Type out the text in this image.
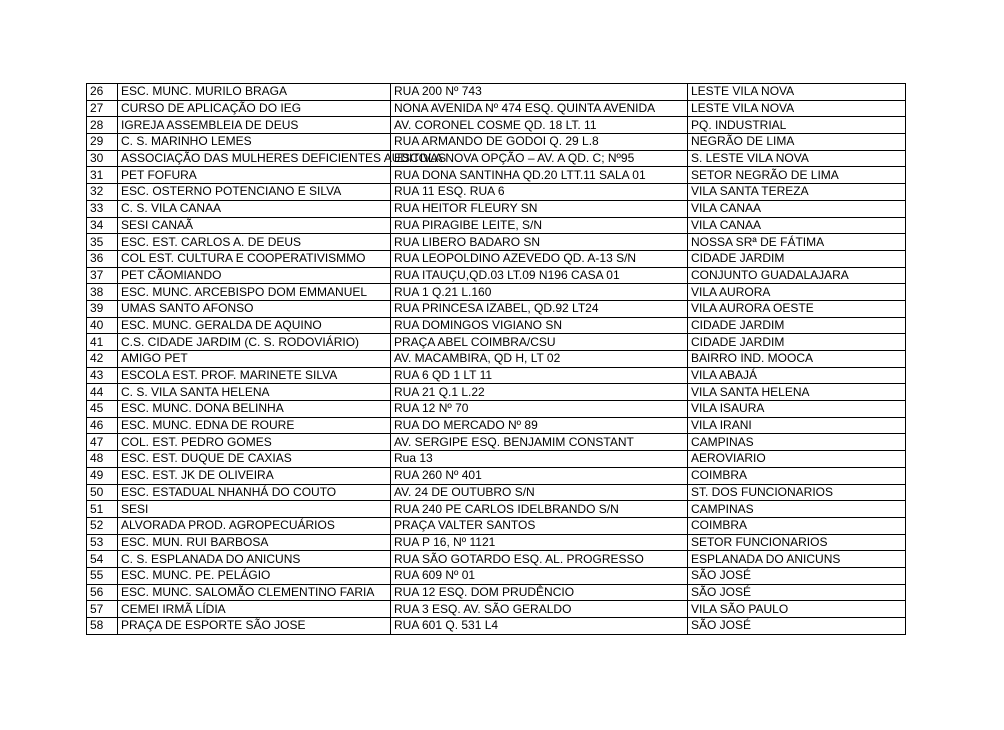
26	ESC. MUNC. MURILO BRAGA	RUA 200 Nº 743	LESTE VILA NOVA
27	CURSO DE APLICAÇÃO DO IEG	NONA AVENIDA Nº 474 ESQ. QUINTA AVENIDA	LESTE VILA NOVA
28	IGREJA ASSEMBLEIA DE DEUS	AV. CORONEL COSME QD. 18 LT. 11	PQ. INDUSTRIAL
29	C. S. MARINHO LEMES	RUA ARMANDO DE GODOI Q. 29 L.8	NEGRÃO DE LIMA
30	ASSOCIAÇÃO DAS MULHERES DEFICIENTES AUDITIVAS	ESCOLA NOVA OPÇÃO – AV. A QD. C; Nº95	S. LESTE VILA NOVA
31	PET FOFURA	RUA DONA SANTINHA QD.20 LTT.11 SALA 01	SETOR NEGRÃO DE LIMA
32	ESC. OSTERNO POTENCIANO E SILVA	RUA 11 ESQ. RUA 6	VILA SANTA TEREZA
33	C. S. VILA CANAA	RUA HEITOR FLEURY SN	VILA CANAA
34	SESI CANAÃ	RUA PIRAGIBE LEITE, S/N	VILA CANAA
35	ESC. EST. CARLOS A. DE DEUS	RUA LIBERO BADARO SN	NOSSA SRª DE FÁTIMA
36	COL EST. CULTURA E COOPERATIVISMMO	RUA LEOPOLDINO AZEVEDO QD. A-13 S/N	CIDADE JARDIM
37	PET CÃOMIANDO	RUA ITAUÇU,QD.03 LT.09 N196 CASA 01	CONJUNTO GUADALAJARA
38	ESC. MUNC. ARCEBISPO DOM EMMANUEL	RUA 1 Q.21 L.160	VILA AURORA
39	UMAS SANTO AFONSO	RUA PRINCESA IZABEL, QD.92 LT24	VILA AURORA OESTE
40	ESC. MUNC. GERALDA DE AQUINO	RUA DOMINGOS VIGIANO SN	CIDADE JARDIM
41	C.S. CIDADE JARDIM (C. S. RODOVIÁRIO)	PRAÇA ABEL COIMBRA/CSU	CIDADE JARDIM
42	AMIGO PET	AV. MACAMBIRA, QD H, LT 02	BAIRRO IND. MOOCA
43	ESCOLA EST. PROF. MARINETE SILVA	RUA 6 QD 1 LT 11	VILA ABAJÁ
44	C. S. VILA SANTA HELENA	RUA 21 Q.1 L.22	VILA SANTA HELENA
45	ESC. MUNC. DONA BELINHA	RUA 12 Nº 70	VILA ISAURA
46	ESC. MUNC. EDNA DE ROURE	RUA DO MERCADO Nº 89	VILA IRANI
47	COL. EST. PEDRO GOMES	AV. SERGIPE ESQ. BENJAMIM CONSTANT	CAMPINAS
48	ESC. EST. DUQUE DE CAXIAS	Rua 13	AEROVIARIO
49	ESC. EST. JK DE OLIVEIRA	RUA 260 Nº 401	COIMBRA
50	ESC. ESTADUAL NHANHÁ DO COUTO	AV. 24 DE OUTUBRO S/N	ST. DOS FUNCIONARIOS
51	SESI	RUA 240 PE CARLOS IDELBRANDO S/N	CAMPINAS
52	ALVORADA PROD. AGROPECUÁRIOS	PRAÇA VALTER SANTOS	COIMBRA
53	ESC. MUN. RUI BARBOSA	RUA P 16, Nº 1121	SETOR FUNCIONARIOS
54	C. S. ESPLANADA DO ANICUNS	RUA SÃO GOTARDO ESQ. AL. PROGRESSO	ESPLANADA DO ANICUNS
55	ESC. MUNC. PE. PELÁGIO	RUA 609 Nº 01	SÃO JOSÉ
56	ESC. MUNC. SALOMÃO CLEMENTINO FARIA	RUA 12 ESQ. DOM PRUDÊNCIO	SÃO JOSÉ
57	CEMEI IRMÃ LÍDIA	RUA 3 ESQ. AV. SÃO GERALDO	VILA SÃO PAULO
58	PRAÇA DE ESPORTE SÃO JOSE	RUA 601 Q. 531 L4	SÃO JOSÉ
